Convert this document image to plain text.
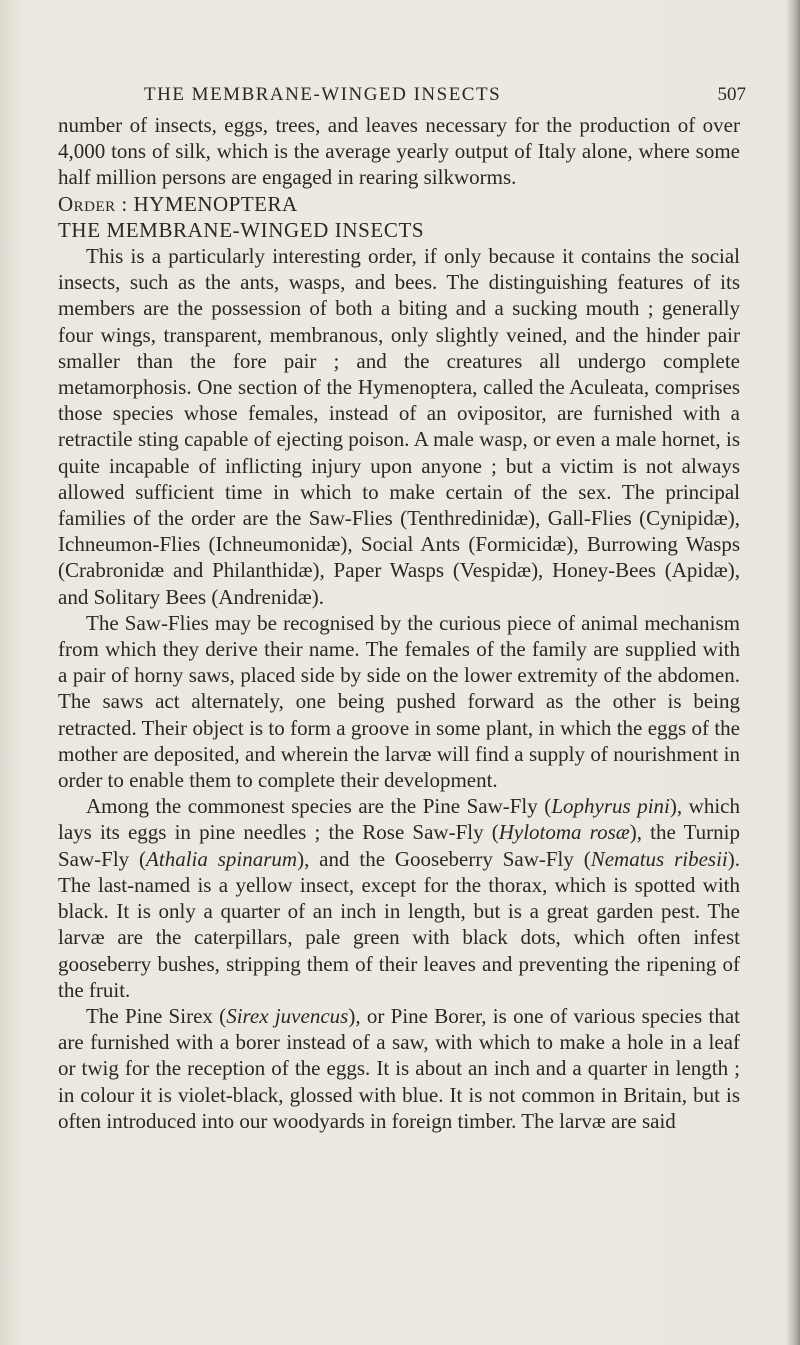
THE MEMBRANE-WINGED INSECTS	507

number of insects, eggs, trees, and leaves necessary for the production of over 4,000 tons of silk, which is the average yearly output of Italy alone, where some half million persons are engaged in rearing silkworms.

Order : HYMENOPTERA

THE MEMBRANE-WINGED INSECTS

This is a particularly interesting order, if only because it contains the social insects, such as the ants, wasps, and bees. The distinguishing features of its members are the possession of both a biting and a sucking mouth ; generally four wings, transparent, membranous, only slightly veined, and the hinder pair smaller than the fore pair ; and the creatures all undergo complete metamorphosis. One section of the Hymenoptera, called the Aculeata, comprises those species whose females, instead of an ovipositor, are furnished with a retractile sting capable of ejecting poison. A male wasp, or even a male hornet, is quite incapable of inflicting injury upon anyone ; but a victim is not always allowed sufficient time in which to make certain of the sex. The principal families of the order are the Saw-Flies (Tenthredinidæ), Gall-Flies (Cynipidæ), Ichneumon-Flies (Ichneumonidæ), Social Ants (Formicidæ), Burrowing Wasps (Crabronidæ and Philanthidæ), Paper Wasps (Vespidæ), Honey-Bees (Apidæ), and Solitary Bees (Andrenidæ).

The Saw-Flies may be recognised by the curious piece of animal mechanism from which they derive their name. The females of the family are supplied with a pair of horny saws, placed side by side on the lower extremity of the abdomen. The saws act alternately, one being pushed forward as the other is being retracted. Their object is to form a groove in some plant, in which the eggs of the mother are deposited, and wherein the larvæ will find a supply of nourishment in order to enable them to complete their development.

Among the commonest species are the Pine Saw-Fly (Lophyrus pini), which lays its eggs in pine needles ; the Rose Saw-Fly (Hylotoma rosæ), the Turnip Saw-Fly (Athalia spinarum), and the Gooseberry Saw-Fly (Nematus ribesii). The last-named is a yellow insect, except for the thorax, which is spotted with black. It is only a quarter of an inch in length, but is a great garden pest. The larvæ are the caterpillars, pale green with black dots, which often infest gooseberry bushes, stripping them of their leaves and preventing the ripening of the fruit.

The Pine Sirex (Sirex juvencus), or Pine Borer, is one of various species that are furnished with a borer instead of a saw, with which to make a hole in a leaf or twig for the reception of the eggs. It is about an inch and a quarter in length ; in colour it is violet-black, glossed with blue. It is not common in Britain, but is often introduced into our woodyards in foreign timber. The larvæ are said
